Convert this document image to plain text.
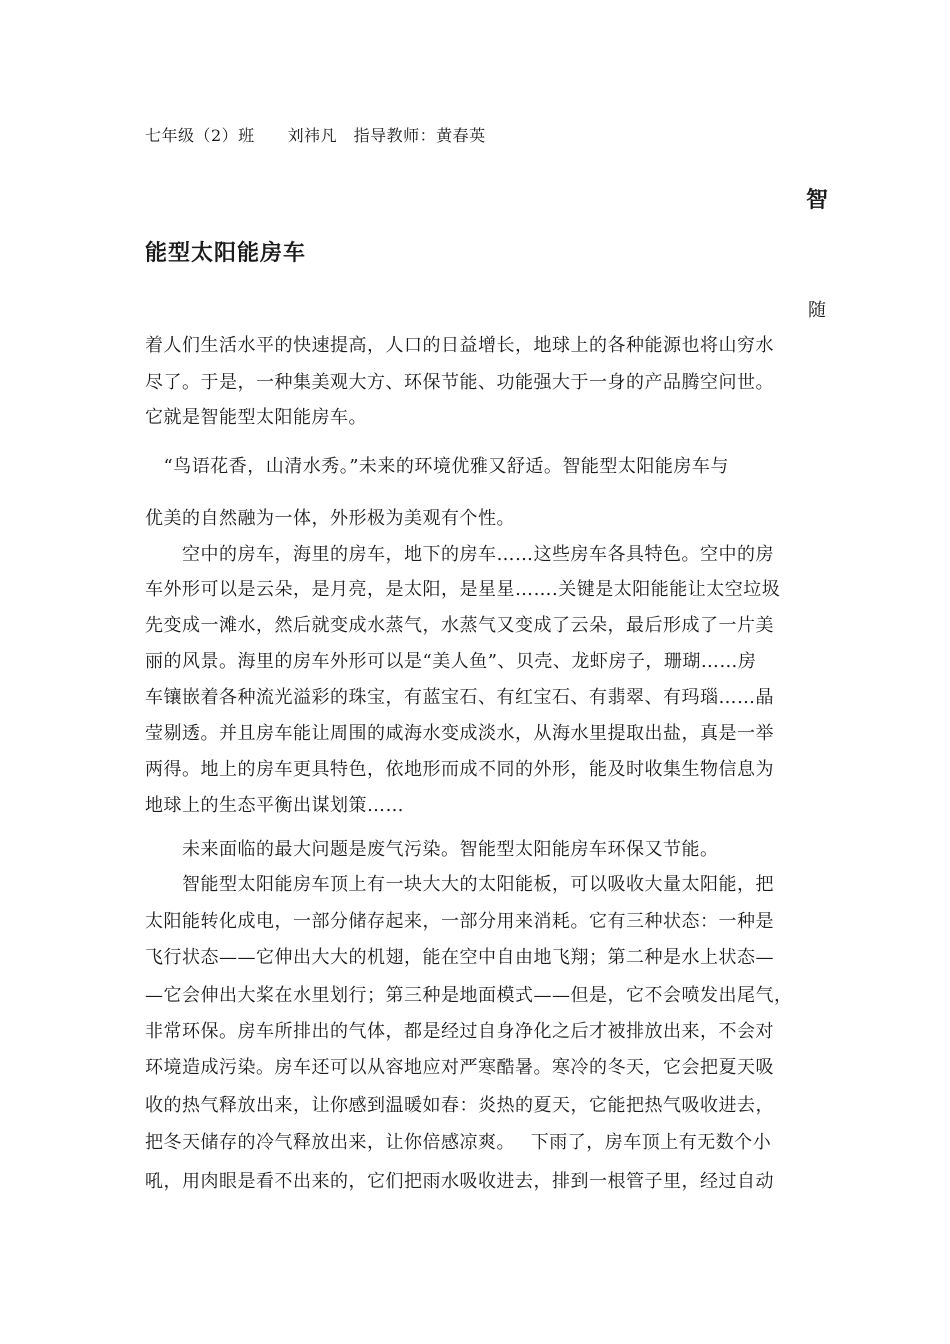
七年级（2）班　　刘祎凡　指导教师：黄春英
智
能型太阳能房车
随
着人们生活水平的快速提高，人口的日益增长，地球上的各种能源也将山穷水
尽了。于是，一种集美观大方、环保节能、功能强大于一身的产品腾空问世。
它就是智能型太阳能房车。
　“鸟语花香，山清水秀。”未来的环境优雅又舒适。智能型太阳能房车与
优美的自然融为一体，外形极为美观有个性。
　　空中的房车，海里的房车，地下的房车……这些房车各具特色。空中的房
车外形可以是云朵，是月亮，是太阳，是星星…….关键是太阳能能让太空垃圾
先变成一滩水，然后就变成水蒸气，水蒸气又变成了云朵，最后形成了一片美
丽的风景。海里的房车外形可以是“美人鱼”、贝壳、龙虾房子，珊瑚……房
车镶嵌着各种流光溢彩的珠宝，有蓝宝石、有红宝石、有翡翠、有玛瑙……晶
莹剔透。并且房车能让周围的咸海水变成淡水，从海水里提取出盐，真是一举
两得。地上的房车更具特色，依地形而成不同的外形，能及时收集生物信息为
地球上的生态平衡出谋划策……
　　未来面临的最大问题是废气污染。智能型太阳能房车环保又节能。
　　智能型太阳能房车顶上有一块大大的太阳能板，可以吸收大量太阳能，把
太阳能转化成电，一部分储存起来，一部分用来消耗。它有三种状态：一种是
飞行状态——它伸出大大的机翅，能在空中自由地飞翔；第二种是水上状态—
—它会伸出大桨在水里划行；第三种是地面模式——但是，它不会喷发出尾气，
非常环保。房车所排出的气体，都是经过自身净化之后才被排放出来，不会对
环境造成污染。房车还可以从容地应对严寒酷暑。寒冷的冬天，它会把夏天吸
收的热气释放出来，让你感到温暖如春：炎热的夏天，它能把热气吸收进去，
把冬天储存的冷气释放出来，让你倍感凉爽。　 下雨了，房车顶上有无数个小
吼，用肉眼是看不出来的，它们把雨水吸收进去，排到一根管子里，经过自动
